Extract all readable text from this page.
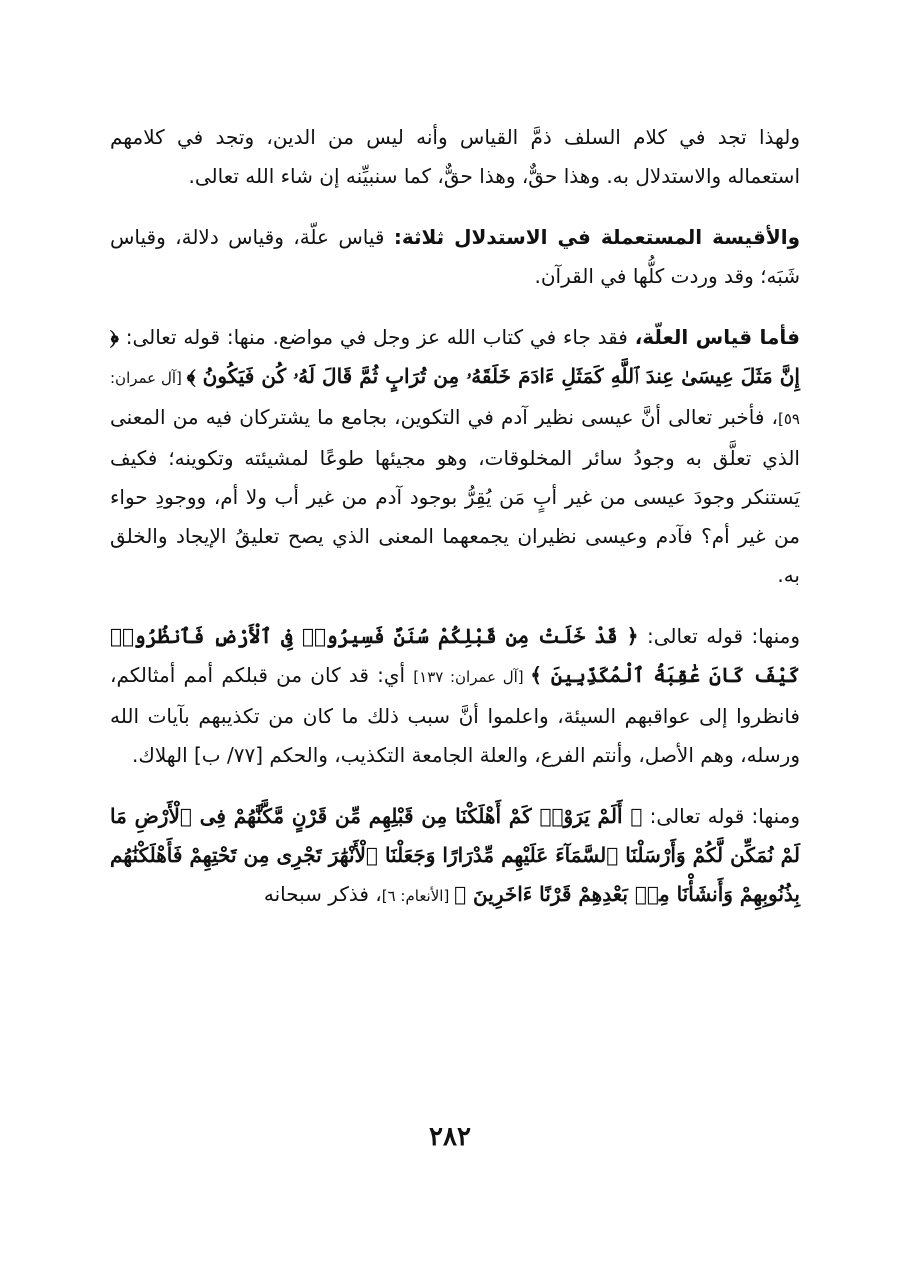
ولهذا تجد في كلام السلف ذمَّ القياس وأنه ليس من الدين، وتجد في كلامهم استعماله والاستدلال به. وهذا حقٌّ، وهذا حقٌّ، كما سنبيِّنه إن شاء الله تعالى.

والأقيسة المستعملة في الاستدلال ثلاثة: قياس علّة، وقياس دلالة، وقياس شَبَه؛ وقد وردت كلُّها في القرآن.

فأما قياس العلّة، فقد جاء في كتاب الله عز وجل في مواضع. منها: قوله تعالى: ﴿ إِنَّ مَثَلَ عِيسَىٰ عِندَ ٱللَّهِ كَمَثَلِ ءَادَمَ خَلَقَهُۥ مِن تُرَابٍ ثُمَّ قَالَ لَهُۥ كُن فَيَكُونُ ﴾ [آل عمران: ٥٩]، فأخبر تعالى أنَّ عيسى نظير آدم في التكوين، بجامع ما يشتركان فيه من المعنى الذي تعلَّق به وجودُ سائر المخلوقات، وهو مجيئها طوعًا لمشيئته وتكوينه؛ فكيف يَستنكر وجودَ عيسى من غير أبٍ مَن يُقِرُّ بوجود آدم من غير أب ولا أم، ووجودِ حواء من غير أم؟ فآدم وعيسى نظيران يجمعهما المعنى الذي يصح تعليقُ الإيجاد والخلق به.

ومنها: قوله تعالى: ﴿ قَدْ خَلَتْ مِن قَبْلِكُمْ سُنَنٌ فَسِيرُوا۟ فِى ٱلْأَرْضِ فَٱنظُرُوا۟ كَيْفَ كَانَ عَٰقِبَةُ ٱلْمُكَذِّبِينَ ﴾ [آل عمران: ١٣٧] أي: قد كان من قبلكم أمم أمثالكم، فانظروا إلى عواقبهم السيئة، واعلموا أنَّ سبب ذلك ما كان من تكذيبهم بآيات الله ورسله، وهم الأصل، وأنتم الفرع، والعلة الجامعة التكذيب، والحكم [٧٧/ ب] الهلاك.

ومنها: قوله تعالى: ﴿ أَلَمْ يَرَوْا۟ كَمْ أَهْلَكْنَا مِن قَبْلِهِم مِّن قَرْنٍ مَّكَّنَّٰهُمْ فِى ٱلْأَرْضِ مَا لَمْ نُمَكِّن لَّكُمْ وَأَرْسَلْنَا ٱلسَّمَآءَ عَلَيْهِم مِّدْرَارًا وَجَعَلْنَا ٱلْأَنْهَٰرَ تَجْرِى مِن تَحْتِهِمْ فَأَهْلَكْنَٰهُم بِذُنُوبِهِمْ وَأَنشَأْنَا مِنۢ بَعْدِهِمْ قَرْنًا ءَاخَرِينَ ﴾ [الأنعام: ٦]، فذكر سبحانه

٢٨٢
